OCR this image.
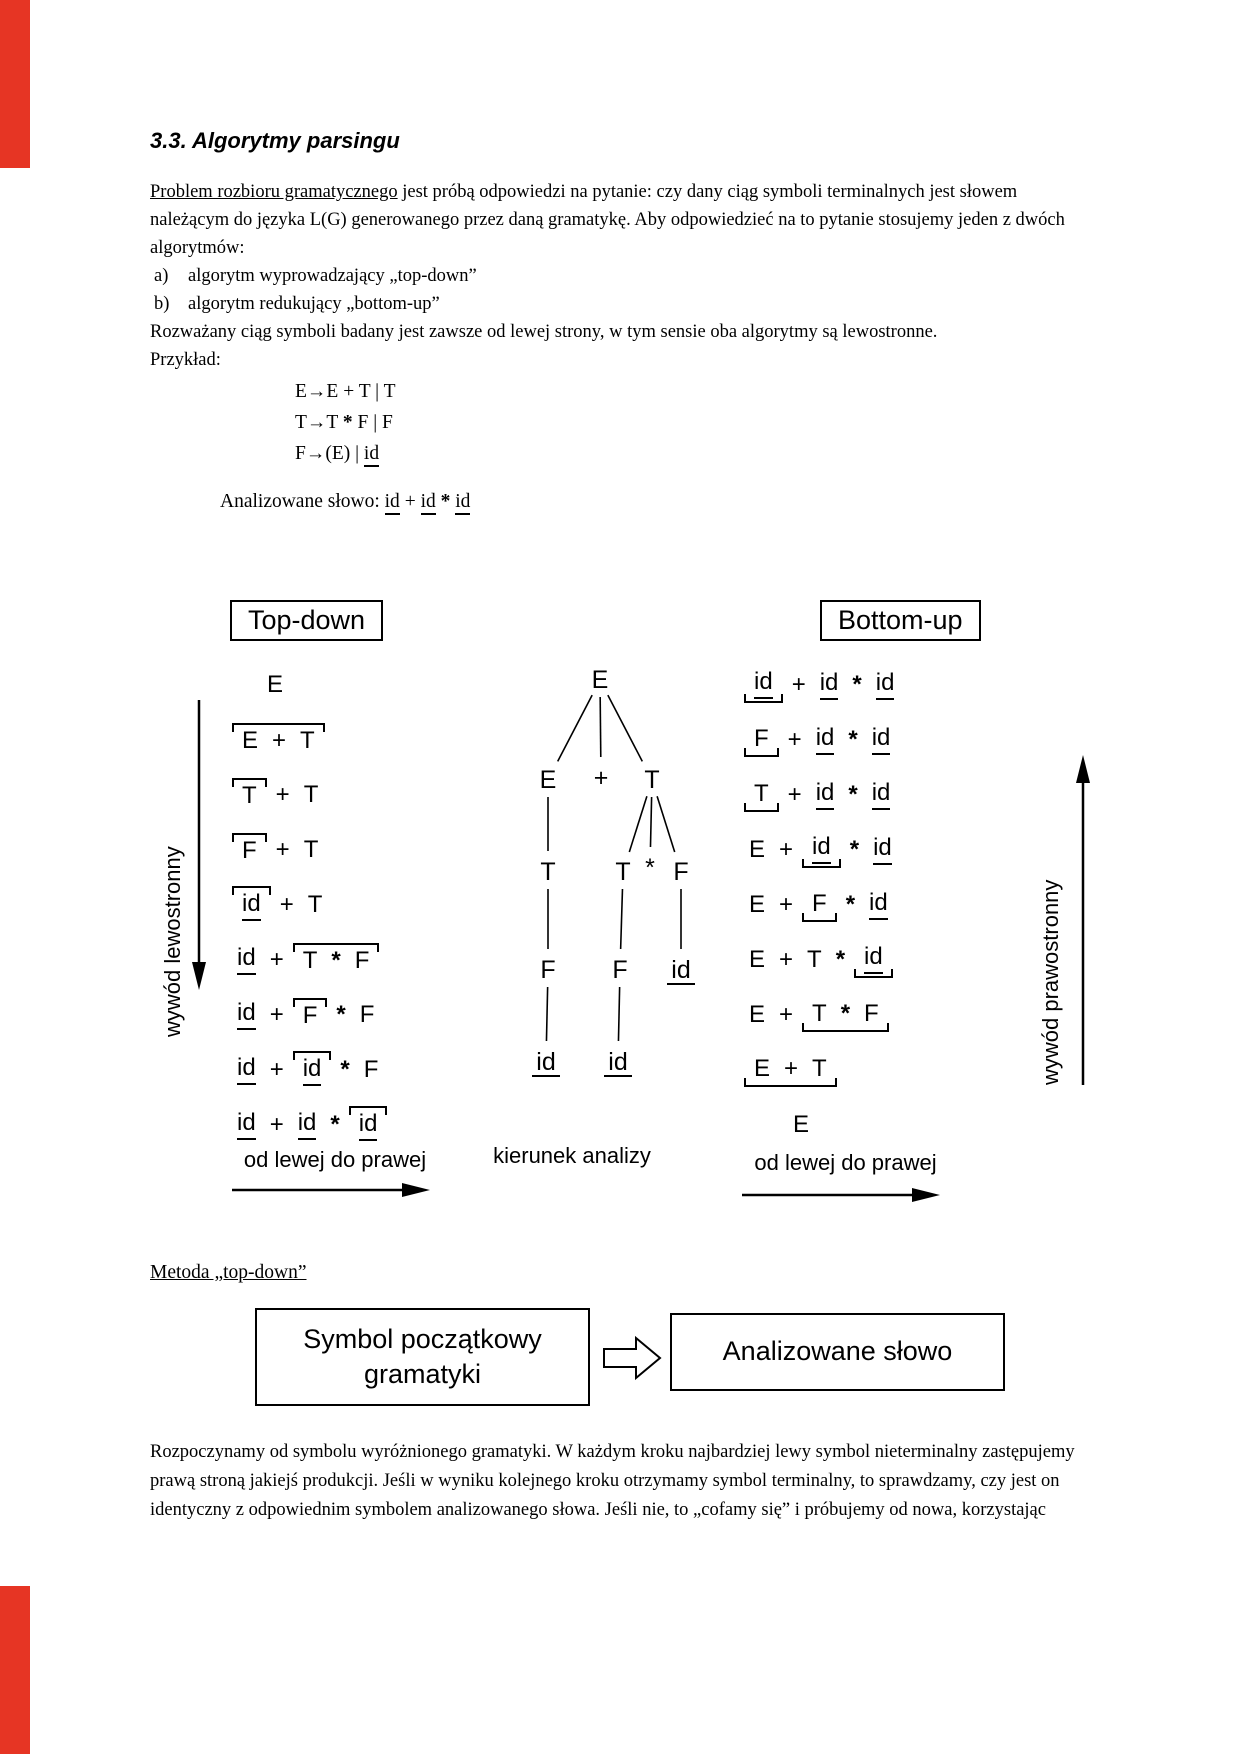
3.3. Algorytmy parsingu

Problem rozbioru gramatycznego jest próbą odpowiedzi na pytanie: czy dany ciąg symboli terminalnych jest słowem należącym do języka L(G) generowanego przez daną gramatykę. Aby odpowiedzieć na to pytanie stosujemy jeden z dwóch algorytmów:

a)	algorytm wyprowadzający „top-down”
b)	algorytm redukujący „bottom-up”

Rozważany ciąg symboli badany jest zawsze od lewej strony, w tym sensie oba algorytmy są lewostronne.

Przykład:

E→E + T | T
T→T * F | F
F→(E) | id
Analizowane słowo: id + id * id
Top-down	Bottom-up
wywód lewostronny
E
E + T
T + T
F + T
id + T
id + T * F
id + F * F
id + id * F
id + id * id
E
E + T
T T * F
F F id
id id
id + id * id
F + id * id
T + id * id
E + id * id
E + F * id
E + T * id
E + T * F
E + T
E
wywód prawostronny
od lewej do prawej	kierunek analizy	od lewej do prawej
Metoda „top-down”
Symbol początkowy gramatyki
Analizowane słowo

Rozpoczynamy od symbolu wyróżnionego gramatyki. W każdym kroku najbardziej lewy symbol nieterminalny zastępujemy prawą stroną jakiejś produkcji. Jeśli w wyniku kolejnego kroku otrzymamy symbol terminalny, to sprawdzamy, czy jest on identyczny z odpowiednim symbolem analizowanego słowa. Jeśli nie, to „cofamy się” i próbujemy od nowa, korzystając
